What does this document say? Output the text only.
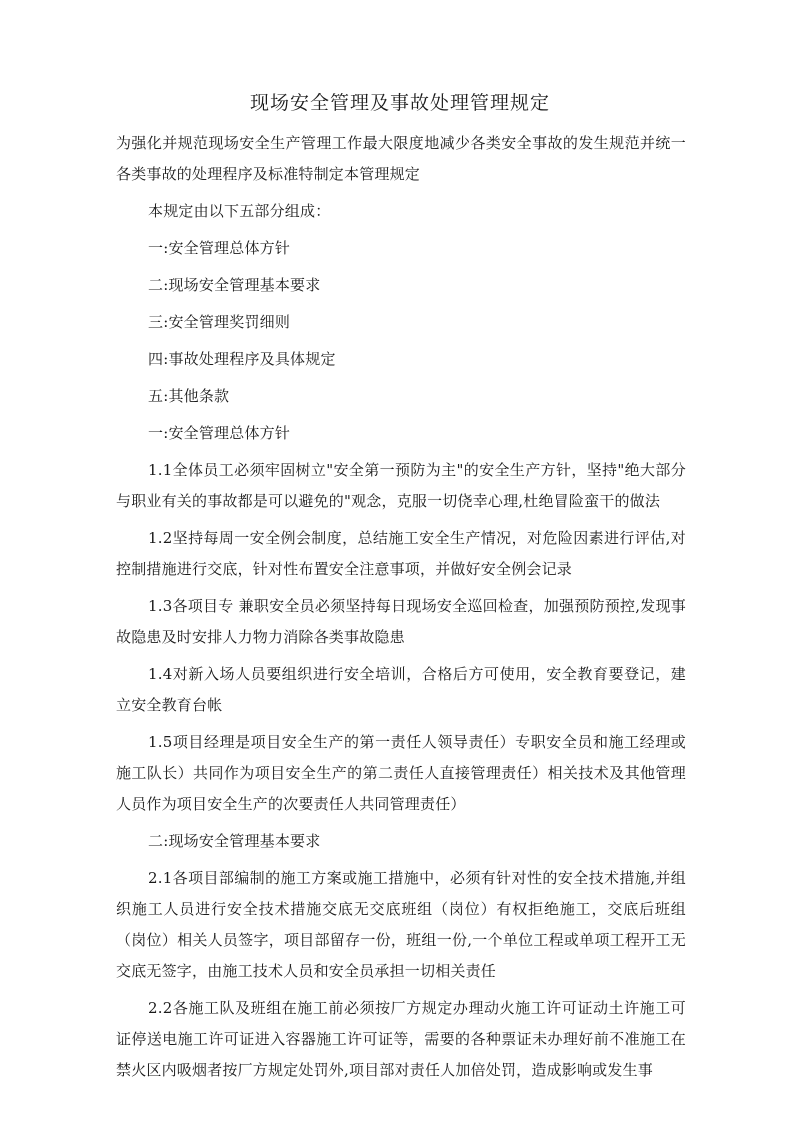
现场安全管理及事故处理管理规定

为强化并规范现场安全生产管理工作最大限度地减少各类安全事故的发生规范并统一各类事故的处理程序及标准特制定本管理规定

本规定由以下五部分组成：

一:安全管理总体方针

二:现场安全管理基本要求

三:安全管理奖罚细则

四:事故处理程序及具体规定

五:其他条款

一:安全管理总体方针

1.1全体员工必须牢固树立"安全第一预防为主"的安全生产方针，坚持"绝大部分与职业有关的事故都是可以避免的"观念，克服一切侥幸心理,杜绝冒险蛮干的做法

1.2坚持每周一安全例会制度，总结施工安全生产情况，对危险因素进行评估,对控制措施进行交底，针对性布置安全注意事项，并做好安全例会记录

1.3各项目专 兼职安全员必须坚持每日现场安全巡回检查，加强预防预控,发现事故隐患及时安排人力物力消除各类事故隐患

1.4对新入场人员要组织进行安全培训，合格后方可使用，安全教育要登记，建立安全教育台帐

1.5项目经理是项目安全生产的第一责任人领导责任）专职安全员和施工经理或施工队长）共同作为项目安全生产的第二责任人直接管理责任）相关技术及其他管理人员作为项目安全生产的次要责任人共同管理责任）

二:现场安全管理基本要求

2.1各项目部编制的施工方案或施工措施中，必须有针对性的安全技术措施,并组织施工人员进行安全技术措施交底无交底班组（岗位）有权拒绝施工，交底后班组（岗位）相关人员签字，项目部留存一份，班组一份,一个单位工程或单项工程开工无交底无签字，由施工技术人员和安全员承担一切相关责任

2.2各施工队及班组在施工前必须按厂方规定办理动火施工许可证动土许施工可证停送电施工许可证进入容器施工许可证等，需要的各种票证未办理好前不准施工在禁火区内吸烟者按厂方规定处罚外,项目部对责任人加倍处罚，造成影响或发生事
